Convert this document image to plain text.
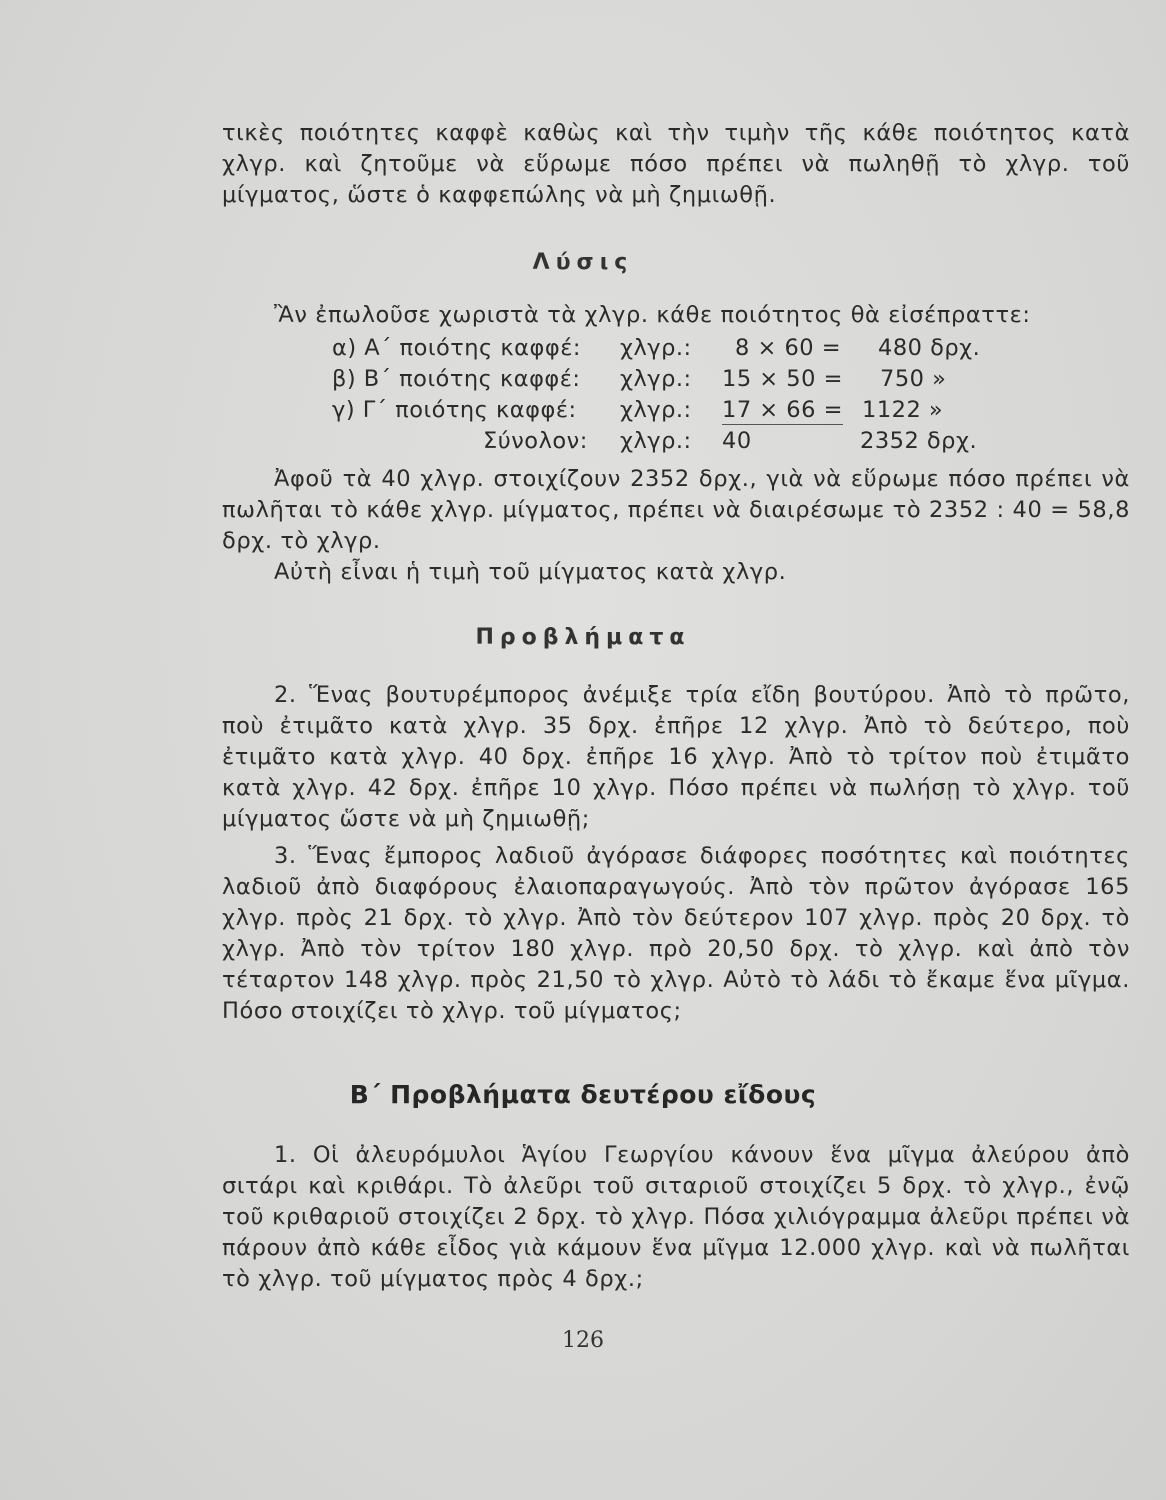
τικὲς ποιότητες καφφὲ καθὼς καὶ τὴν τιμὴν τῆς κάθε ποιότητος κατὰ χλγρ. καὶ ζητοῦμε νὰ εὕρωμε πόσο πρέπει νὰ πωληθῇ τὸ χλγρ. τοῦ μίγματος, ὥστε ὁ καφφεπώλης νὰ μὴ ζημιωθῇ.

Λύσις

Ἂν ἐπωλοῦσε χωριστὰ τὰ χλγρ. κάθε ποιότητος θὰ εἰσέπραττε:

α) Α΄ ποιότης καφφέ: χλγρ.: 8 × 60 = 480 δρχ.
β) Β΄ ποιότης καφφέ: χλγρ.: 15 × 50 = 750 »
γ) Γ΄ ποιότης καφφέ: χλγρ.: 17 × 66 = 1122 »
Σύνολον: χλγρ.: 40	2352 δρχ.

Ἀφοῦ τὰ 40 χλγρ. στοιχίζουν 2352 δρχ., γιὰ νὰ εὕρωμε πόσο πρέπει νὰ πωλῆται τὸ κάθε χλγρ. μίγματος, πρέπει νὰ διαιρέσωμε τὸ 2352 : 40 = 58,8 δρχ. τὸ χλγρ.

Αὐτὴ εἶναι ἡ τιμὴ τοῦ μίγματος κατὰ χλγρ.

Προβλήματα

2. Ἕνας βουτυρέμπορος ἀνέμιξε τρία εἴδη βουτύρου. Ἀπὸ τὸ πρῶτο, ποὺ ἐτιμᾶτο κατὰ χλγρ. 35 δρχ. ἐπῆρε 12 χλγρ. Ἀπὸ τὸ δεύτερο, ποὺ ἐτιμᾶτο κατὰ χλγρ. 40 δρχ. ἐπῆρε 16 χλγρ. Ἀπὸ τὸ τρίτον ποὺ ἐτιμᾶτο κατὰ χλγρ. 42 δρχ. ἐπῆρε 10 χλγρ. Πόσο πρέπει νὰ πωλήσῃ τὸ χλγρ. τοῦ μίγματος ὥστε νὰ μὴ ζημιωθῇ;

3. Ἕνας ἔμπορος λαδιοῦ ἀγόρασε διάφορες ποσότητες καὶ ποιότητες λαδιοῦ ἀπὸ διαφόρους ἐλαιοπαραγωγούς. Ἀπὸ τὸν πρῶτον ἀγόρασε 165 χλγρ. πρὸς 21 δρχ. τὸ χλγρ. Ἀπὸ τὸν δεύτερον 107 χλγρ. πρὸς 20 δρχ. τὸ χλγρ. Ἀπὸ τὸν τρίτον 180 χλγρ. πρὸ 20,50 δρχ. τὸ χλγρ. καὶ ἀπὸ τὸν τέταρτον 148 χλγρ. πρὸς 21,50 τὸ χλγρ. Αὐτὸ τὸ λάδι τὸ ἔκαμε ἕνα μῖγμα. Πόσο στοιχίζει τὸ χλγρ. τοῦ μίγματος;

Β΄ Προβλήματα δευτέρου εἴδους

1. Οἱ ἀλευρόμυλοι Ἁγίου Γεωργίου κάνουν ἕνα μῖγμα ἀλεύρου ἀπὸ σιτάρι καὶ κριθάρι. Τὸ ἀλεῦρι τοῦ σιταριοῦ στοιχίζει 5 δρχ. τὸ χλγρ., ἐνῷ τοῦ κριθαριοῦ στοιχίζει 2 δρχ. τὸ χλγρ. Πόσα χιλιόγραμμα ἀλεῦρι πρέπει νὰ πάρουν ἀπὸ κάθε εἶδος γιὰ κάμουν ἕνα μῖγμα 12.000 χλγρ. καὶ νὰ πωλῆται τὸ χλγρ. τοῦ μίγματος πρὸς 4 δρχ.;

126
